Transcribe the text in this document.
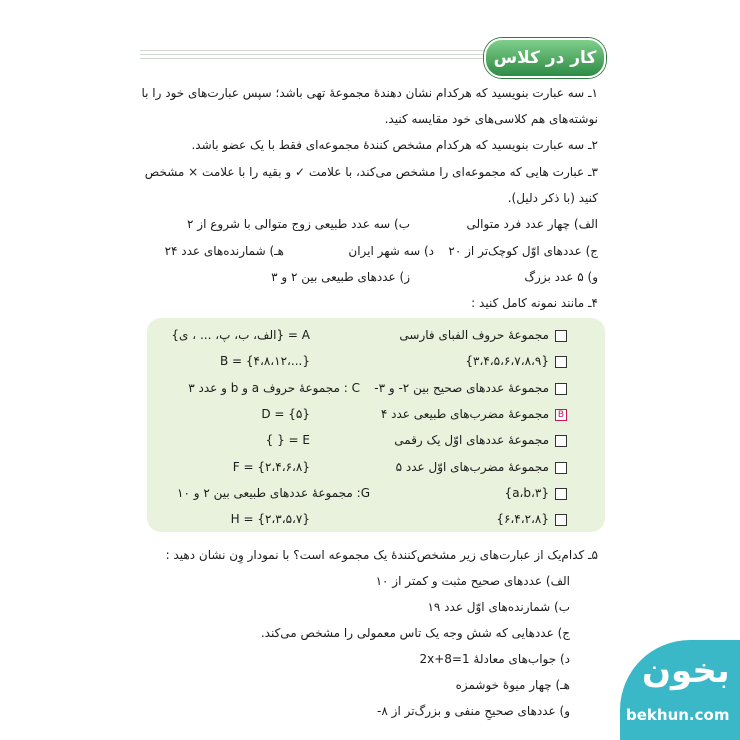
کار در کلاس
۱ـ سه عبارت بنویسید که هرکدام نشان دهندۀ مجموعۀ تهی باشد؛ سپس عبارت‌های خود را با
نوشته‌های هم کلاسی‌های خود مقایسه کنید.
۲ـ سه عبارت بنویسید که هرکدام مشخص کنندۀ مجموعه‌ای فقط با یک عضو باشد.
۳ـ عبارت هایی که مجموعه‌ای را مشخص می‌کند، با علامت ✓ و بقیه را با علامت × مشخص
کنید (با ذکر دلیل).
الف) چهار عدد فرد متوالی
ب) سه عدد طبیعی زوج متوالی با شروع از ۲
ج) عددهای اوّل کوچک‌تر از ۲۰
د) سه شهر ایران
هـ) شمارنده‌های عدد ۲۴
و) ۵ عدد بزرگ
ز) عددهای طبیعی بین ۲ و ۳
۴ـ مانند نمونه کامل کنید :
مجموعۀ حروف الفبای فارسی
A = {الف، ب، پ، ... ، ی}
{۳،۴،۵،۶،۷،۸،۹}
B = {۴،۸،۱۲،...}
مجموعۀ عددهای صحیح بین ۲- و ۳-
C : مجموعۀ حروف a و b و عدد ۳
B
مجموعۀ مضرب‌های طبیعی عدد ۴
D = {۵}
مجموعۀ عددهای اوّل یک رقمی
E = { }
مجموعۀ مضرب‌های اوّل عدد ۵
F = {۲،۴،۶،۸}
{۳،a،b}
G: مجموعۀ عددهای طبیعی بین ۲ و ۱۰
{۶،۴،۲،۸}
H = {۲،۳،۵،۷}
۵ـ کدام‌یک از عبارت‌های زیر مشخص‌کنندۀ یک مجموعه است؟ با نمودار وِن نشان دهید :
الف) عددهای صحیح مثبت و کمتر از ۱۰
ب) شمارنده‌های اوّل عدد ۱۹
ج) عددهایی که شش وجه یک تاس معمولی را مشخص می‌کند.
د) جواب‌های معادلۀ 2x+8=1
هـ) چهار میوۀ خوشمزه
و) عددهای صحیحِ منفی و بزرگ‌تر از ۸-
بخون
bekhun.com
